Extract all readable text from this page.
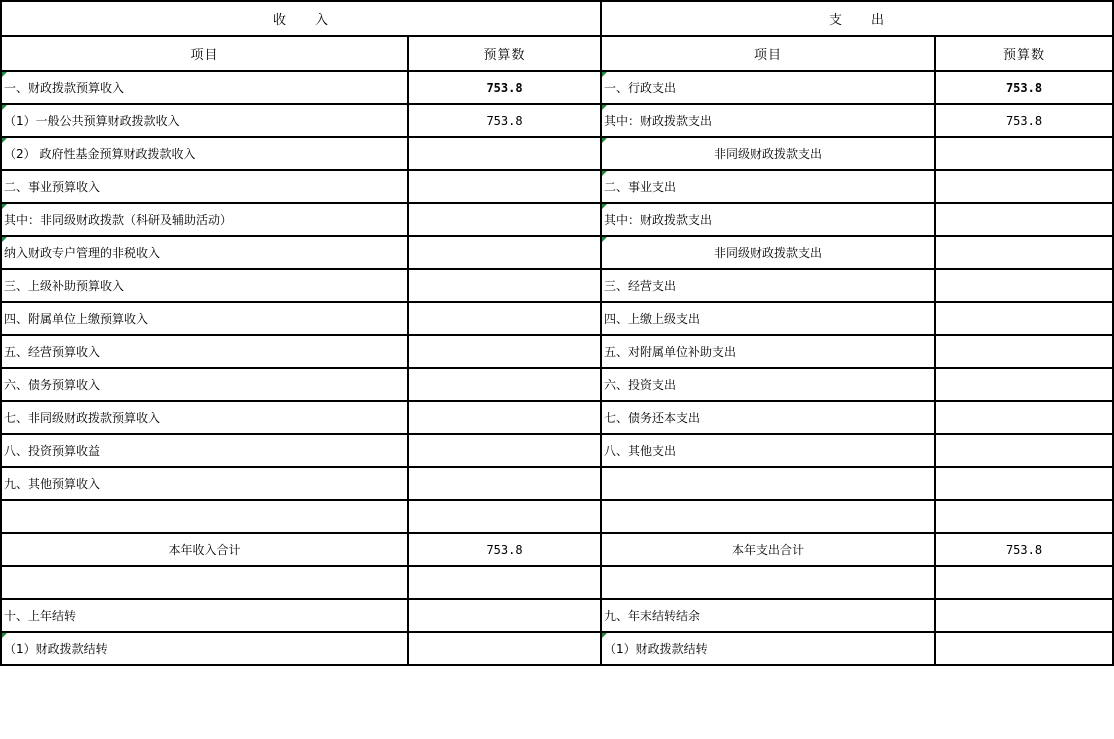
收　　入		支　　出	
项目	预算数	项目	预算数

一、财政拨款预算收入	753.8	一、行政支出	753.8

（1）一般公共预算财政拨款收入	753.8	其中：财政拨款支出	753.8

（2） 政府性基金预算财政拨款收入		非同级财政拨款支出	
二、事业预算收入		二、事业支出	

其中：非同级财政拨款（科研及辅助活动）		其中：财政拨款支出	

纳入财政专户管理的非税收入		非同级财政拨款支出	
三、上级补助预算收入		三、经营支出	
四、附属单位上缴预算收入		四、上缴上级支出	
五、经营预算收入		五、对附属单位补助支出	
六、债务预算收入		六、投资支出	
七、非同级财政拨款预算收入		七、债务还本支出	
八、投资预算收益		八、其他支出	
九、其他预算收入			

本年收入合计	753.8	本年支出合计	753.8

十、上年结转		九、年末结转结余	

（1）财政拨款结转		（1）财政拨款结转	
